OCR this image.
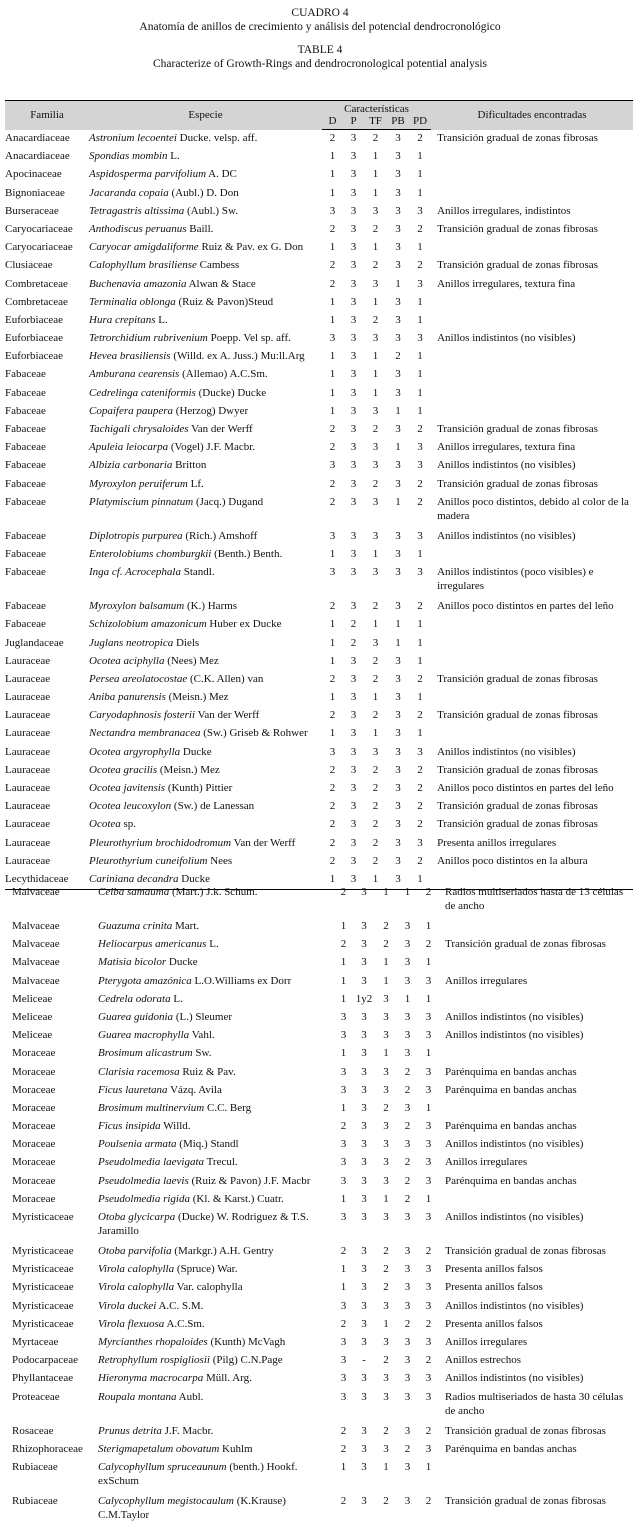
CUADRO 4
Anatomía de anillos de crecimiento y análisis del potencial dendrocronológico
TABLE 4
Characterize of Growth-Rings and dendrocronological potential analysis
Familia	Especie	Características					Dificultades encontradas
		D	P	TF	PB	PD	
Anacardiaceae	Astronium lecoentei Ducke. velsp. aff.	2	3	2	3	2	Transición gradual de zonas fibrosas
Anacardiaceae	Spondias mombin L.	1	3	1	3	1	
Apocinaceae	Aspidosperma parvifolium A. DC	1	3	1	3	1	
Bignoniaceae	Jacaranda copaia (Aubl.) D. Don	1	3	1	3	1	
Burseraceae	Tetragastris altissima (Aubl.) Sw.	3	3	3	3	3	Anillos irregulares, indistintos
Caryocariaceae	Anthodiscus peruanus Baill.	2	3	2	3	2	Transición gradual de zonas fibrosas
Caryocariaceae	Caryocar amigdaliforme Ruiz & Pav. ex G. Don	1	3	1	3	1	
Clusiaceae	Calophyllum brasiliense Cambess	2	3	2	3	2	Transición gradual de zonas fibrosas
Combretaceae	Buchenavia amazonia Alwan & Stace	2	3	3	1	3	Anillos irregulares, textura fina
Combretaceae	Terminalia oblonga (Ruiz & Pavon)Steud	1	3	1	3	1	
Euforbiaceae	Hura crepitans L.	1	3	2	3	1	
Euforbiaceae	Tetrorchidium rubrivenium Poepp. Vel sp. aff.	3	3	3	3	3	Anillos indistintos (no visibles)
Euforbiaceae	Hevea brasiliensis (Willd. ex A. Juss.) Mu:ll.Arg	1	3	1	2	1	
Fabaceae	Amburana cearensis (Allemao) A.C.Sm.	1	3	1	3	1	
Fabaceae	Cedrelinga cateniformis (Ducke) Ducke	1	3	1	3	1	
Fabaceae	Copaifera paupera (Herzog) Dwyer	1	3	3	1	1	
Fabaceae	Tachigali chrysaloides Van der Werff	2	3	2	3	2	Transición gradual de zonas fibrosas
Fabaceae	Apuleia leiocarpa (Vogel) J.F. Macbr.	2	3	3	1	3	Anillos irregulares, textura fina
Fabaceae	Albizia carbonaria Britton	3	3	3	3	3	Anillos indistintos (no visibles)
Fabaceae	Myroxylon peruiferum Lf.	2	3	2	3	2	Transición gradual de zonas fibrosas
Fabaceae	Platymiscium pinnatum (Jacq.) Dugand	2	3	3	1	2	Anillos poco distintos, debido al color de la madera
Fabaceae	Diplotropis purpurea (Rich.) Amshoff	3	3	3	3	3	Anillos indistintos (no visibles)
Fabaceae	Enterolobiums chomburgkii (Benth.) Benth.	1	3	1	3	1	
Fabaceae	Inga cf. Acrocephala Standl.	3	3	3	3	3	Anillos indistintos (poco visibles) e irregulares
Fabaceae	Myroxylon balsamum (K.) Harms	2	3	2	3	2	Anillos poco distintos en partes del leño
Fabaceae	Schizolobium amazonicum Huber ex Ducke	1	2	1	1	1	
Juglandaceae	Juglans neotropica Diels	1	2	3	1	1	
Lauraceae	Ocotea aciphylla (Nees) Mez	1	3	2	3	1	
Lauraceae	Persea areolatocostae (C.K. Allen) van	2	3	2	3	2	Transición gradual de zonas fibrosas
Lauraceae	Aniba panurensis (Meisn.) Mez	1	3	1	3	1	
Lauraceae	Caryodaphnosis fosterii Van der Werff	2	3	2	3	2	Transición gradual de zonas fibrosas
Lauraceae	Nectandra membranacea (Sw.) Griseb & Rohwer	1	3	1	3	1	
Lauraceae	Ocotea argyrophylla Ducke	3	3	3	3	3	Anillos indistintos (no visibles)
Lauraceae	Ocotea gracilis (Meisn.) Mez	2	3	2	3	2	Transición gradual de zonas fibrosas
Lauraceae	Ocotea javitensis (Kunth) Pittier	2	3	2	3	2	Anillos poco distintos en partes del leño
Lauraceae	Ocotea leucoxylon (Sw.) de Lanessan	2	3	2	3	2	Transición gradual de zonas fibrosas
Lauraceae	Ocotea sp.	2	3	2	3	2	Transición gradual de zonas fibrosas
Lauraceae	Pleurothyrium brochidodromum Van der Werff	2	3	2	3	3	Presenta anillos irregulares
Lauraceae	Pleurothyrium cuneifolium Nees	2	3	2	3	2	Anillos poco distintos en la albura
Lecythidaceae	Cariniana decandra Ducke	1	3	1	3	1	
Malvaceae	Ceiba samauma (Mart.) J.k. Schum.	2	3	1	1	2	Radios multiseriados hasta de 13 células de ancho
Malvaceae	Guazuma crinita Mart.	1	3	2	3	1	
Malvaceae	Heliocarpus americanus L.	2	3	2	3	2	Transición gradual de zonas fibrosas
Malvaceae	Matisia bicolor Ducke	1	3	1	3	1	
Malvaceae	Pterygota amazónica L.O.Williams ex Dorr	1	3	1	3	3	Anillos irregulares
Meliceae	Cedrela odorata L.	1	1y2	3	1	1	
Meliceae	Guarea guidonia (L.) Sleumer	3	3	3	3	3	Anillos indistintos (no visibles)
Meliceae	Guarea macrophylla Vahl.	3	3	3	3	3	Anillos indistintos (no visibles)
Moraceae	Brosimum alicastrum Sw.	1	3	1	3	1	
Moraceae	Clarisia racemosa Ruiz & Pav.	3	3	3	2	3	Parénquima en bandas anchas
Moraceae	Ficus lauretana Vázq. Avila	3	3	3	2	3	Parénquima en bandas anchas
Moraceae	Brosimum multinervium C.C. Berg	1	3	2	3	1	
Moraceae	Ficus insipida Willd.	2	3	3	2	3	Parénquima en bandas anchas
Moraceae	Poulsenia armata (Miq.) Standl	3	3	3	3	3	Anillos indistintos (no visibles)
Moraceae	Pseudolmedia laevigata Trecul.	3	3	3	2	3	Anillos irregulares
Moraceae	Pseudolmedia laevis (Ruiz & Pavon) J.F. Macbr	3	3	3	2	3	Parénquima en bandas anchas
Moraceae	Pseudolmedia rigida (Kl. & Karst.) Cuatr.	1	3	1	2	1	
Myristicaceae	Otoba glycicarpa (Ducke) W. Rodriguez & T.S. Jaramillo	3	3	3	3	3	Anillos indistintos (no visibles)
Myristicaceae	Otoba parvifolia (Markgr.) A.H. Gentry	2	3	2	3	2	Transición gradual de zonas fibrosas
Myristicaceae	Virola calophylla (Spruce) War.	1	3	2	3	3	Presenta anillos falsos
Myristicaceae	Virola calophylla Var. calophylla	1	3	2	3	3	Presenta anillos falsos
Myristicaceae	Virola duckei A.C. S.M.	3	3	3	3	3	Anillos indistintos (no visibles)
Myristicaceae	Virola flexuosa A.C.Sm.	2	3	1	2	2	Presenta anillos falsos
Myrtaceae	Myrcianthes rhopaloides (Kunth) McVagh	3	3	3	3	3	Anillos irregulares
Podocarpaceae	Retrophyllum rospigliosii (Pilg) C.N.Page	3	-	2	3	2	Anillos estrechos
Phyllantaceae	Hieronyma macrocarpa Müll. Arg.	3	3	3	3	3	Anillos indistintos (no visibles)
Proteaceae	Roupala montana Aubl.	3	3	3	3	3	Radios multiseriados de hasta 30 células de ancho
Rosaceae	Prunus detrita J.F. Macbr.	2	3	2	3	2	Transición gradual de zonas fibrosas
Rhizophoraceae	Sterigmapetalum obovatum Kuhlm	2	3	3	2	3	Parénquima en bandas anchas
Rubiaceae	Calycophyllum spruceaunum (benth.) Hookf. exSchum	1	3	1	3	1	
Rubiaceae	Calycophyllum megistocaulum (K.Krause) C.M.Taylor	2	3	2	3	2	Transición gradual de zonas fibrosas
